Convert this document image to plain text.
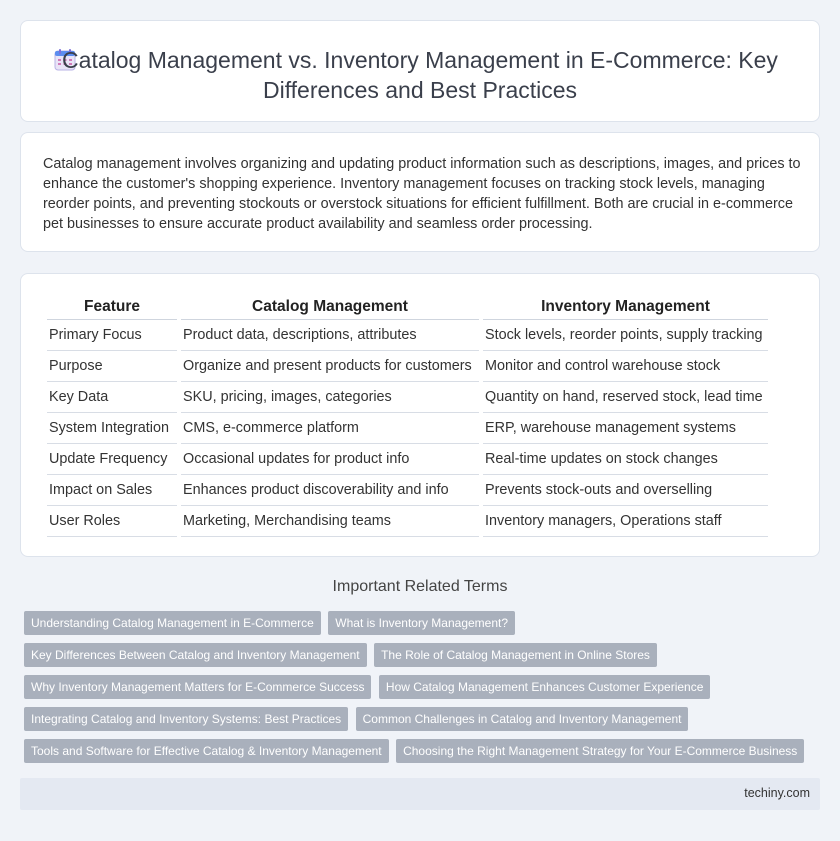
Catalog Management vs. Inventory Management in E-Commerce: Key Differences and Best Practices

Catalog management involves organizing and updating product information such as descriptions, images, and prices to enhance the customer's shopping experience. Inventory management focuses on tracking stock levels, managing reorder points, and preventing stockouts or overstock situations for efficient fulfillment. Both are crucial in e-commerce pet businesses to ensure accurate product availability and seamless order processing.

Feature	Catalog Management	Inventory Management
Primary Focus	Product data, descriptions, attributes	Stock levels, reorder points, supply tracking
Purpose	Organize and present products for customers	Monitor and control warehouse stock
Key Data	SKU, pricing, images, categories	Quantity on hand, reserved stock, lead time
System Integration	CMS, e-commerce platform	ERP, warehouse management systems
Update Frequency	Occasional updates for product info	Real-time updates on stock changes
Impact on Sales	Enhances product discoverability and info	Prevents stock-outs and overselling
User Roles	Marketing, Merchandising teams	Inventory managers, Operations staff
Important Related Terms
Understanding Catalog Management in E-Commerce What is Inventory Management?
Key Differences Between Catalog and Inventory Management The Role of Catalog Management in Online Stores
Why Inventory Management Matters for E-Commerce Success How Catalog Management Enhances Customer Experience
Integrating Catalog and Inventory Systems: Best Practices Common Challenges in Catalog and Inventory Management
Tools and Software for Effective Catalog & Inventory Management Choosing the Right Management Strategy for Your E-Commerce Business
techiny.com
